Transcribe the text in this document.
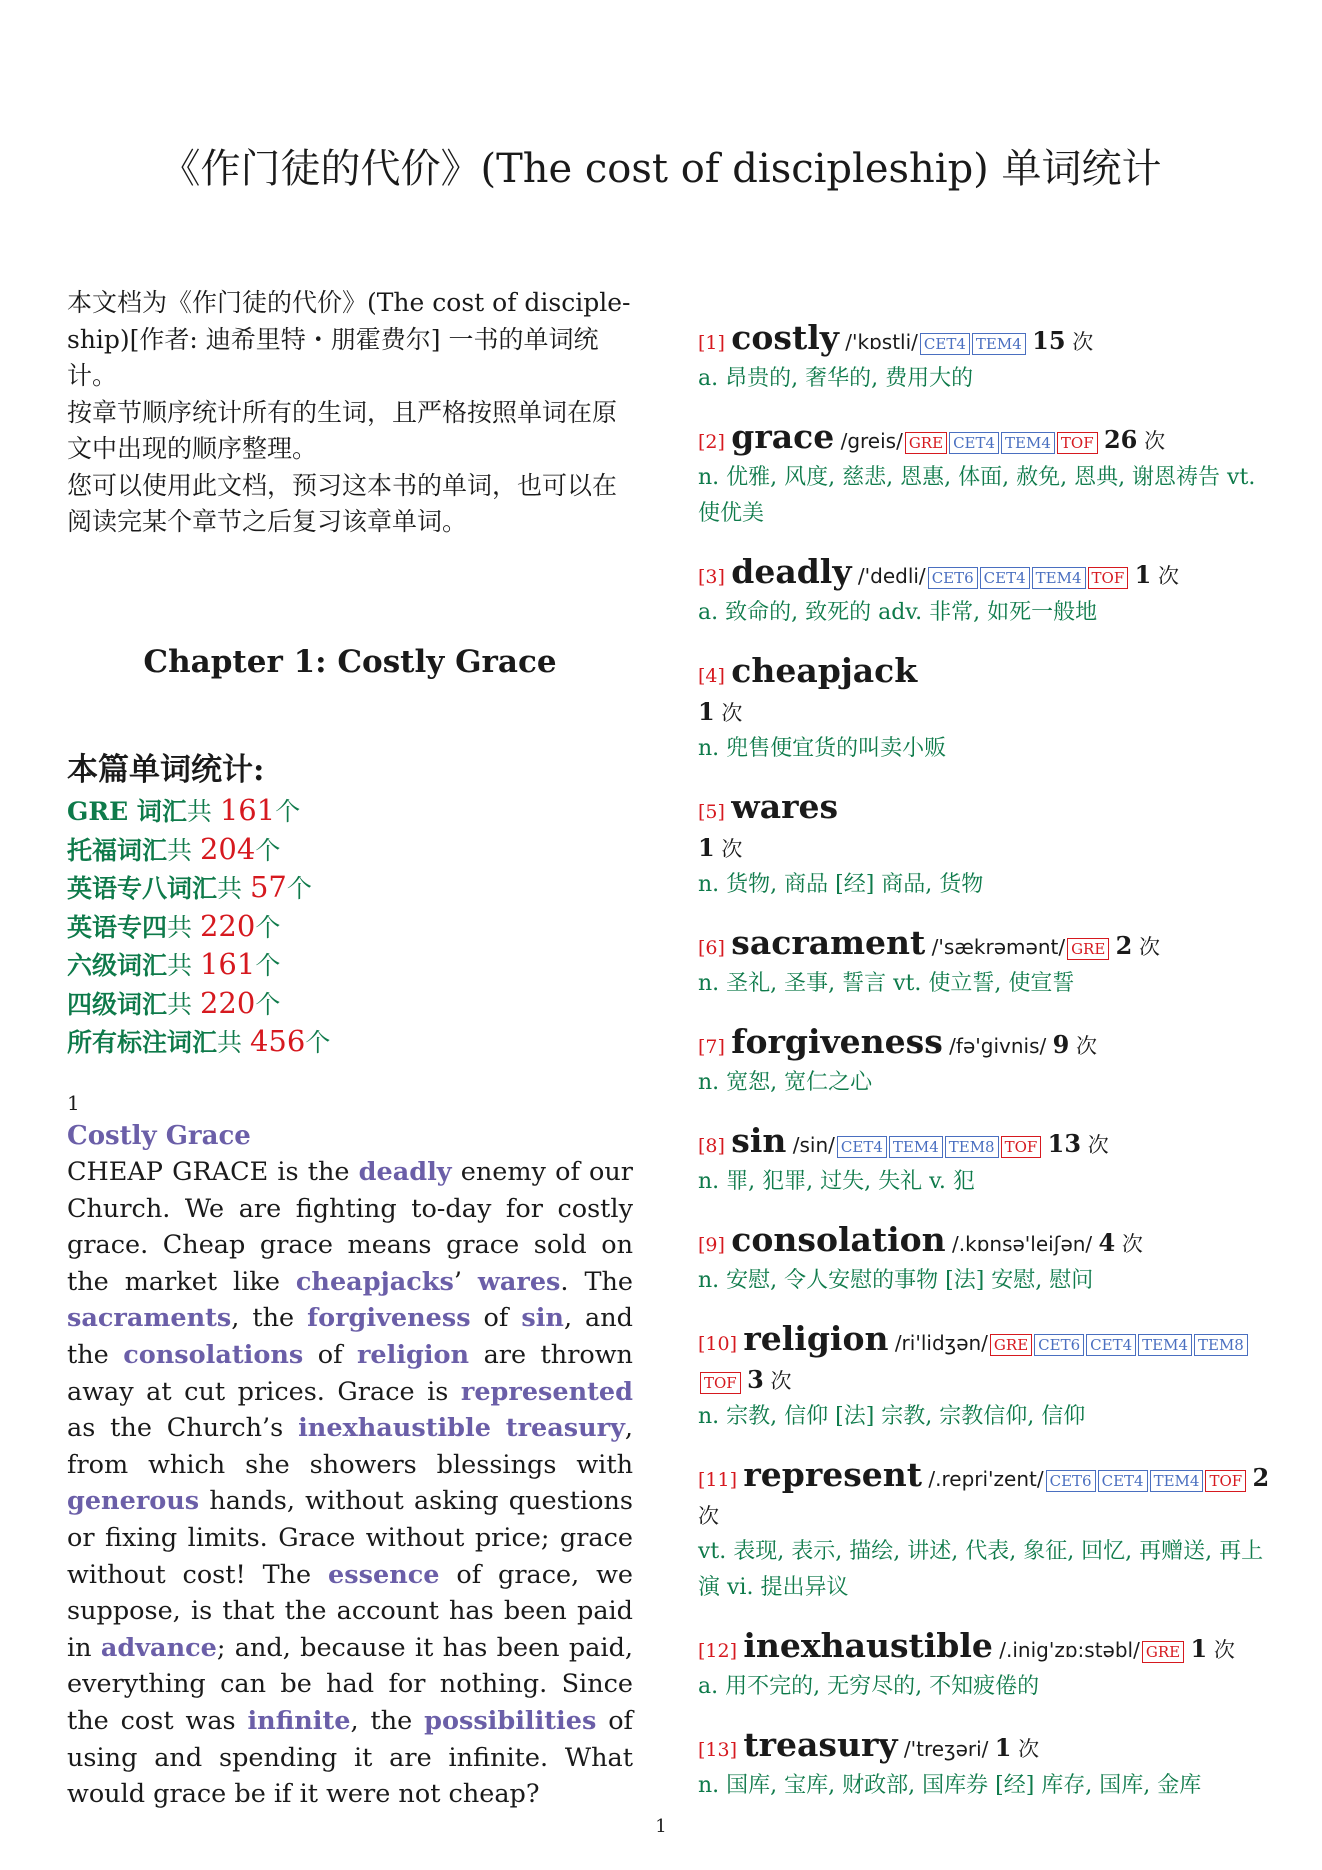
《作门徒的代价》(The cost of discipleship) 单词统计

本文档为《作门徒的代价》(The cost of disciple-ship)[作者: 迪希里特・朋霍费尔] 一书的单词统计。

按章节顺序统计所有的生词，且严格按照单词在原文中出现的顺序整理。

您可以使用此文档，预习这本书的单词，也可以在阅读完某个章节之后复习该章单词。

Chapter 1: Costly Grace
本篇单词统计:
GRE 词汇共 161个
托福词汇共 204个
英语专八词汇共 57个
英语专四共 220个
六级词汇共 161个
四级词汇共 220个
所有标注词汇共 456个
1
Costly Grace
CHEAP GRACE is the deadly enemy of our Church. We are fighting to-day for costly grace. Cheap grace means grace sold on the market like cheapjacks’ wares. The sacraments, the forgiveness of sin, and the consolations of religion are thrown away at cut prices. Grace is represented as the Church’s inexhaustible treasury, from which she showers blessings with generous hands, without asking questions or fixing limits. Grace without price; grace without cost! The essence of grace, we suppose, is that the account has been paid in advance; and, because it has been paid, everything can be had for nothing. Since the cost was infinite, the possibilities of using and spending it are infinite. What would grace be if it were not cheap?
[1] costly /'kɒstli/ CET4 TEM4 15 次
a. 昂贵的, 奢华的, 费用大的
[2] grace /greis/ GRE CET4 TEM4 TOF 26 次
n. 优雅, 风度, 慈悲, 恩惠, 体面, 赦免, 恩典, 谢恩祷告 vt. 使优美
[3] deadly /'dedli/ CET6 CET4 TEM4 TOF 1 次
a. 致命的, 致死的 adv. 非常, 如死一般地
[4] cheapjack
1 次
n. 兜售便宜货的叫卖小贩
[5] wares
1 次
n. 货物, 商品 [经] 商品, 货物
[6] sacrament /'sækrəmənt/ GRE 2 次
n. 圣礼, 圣事, 誓言 vt. 使立誓, 使宣誓
[7] forgiveness /fə'givnis/ 9 次
n. 宽恕, 宽仁之心
[8] sin /sin/ CET4 TEM4 TEM8 TOF 13 次
n. 罪, 犯罪, 过失, 失礼 v. 犯
[9] consolation /.kɒnsə'leiʃən/ 4 次
n. 安慰, 令人安慰的事物 [法] 安慰, 慰问
[10] religion /ri'lidʒən/ GRE CET6 CET4 TEM4 TEM8TOF 3 次
n. 宗教, 信仰 [法] 宗教, 宗教信仰, 信仰
[11] represent /.repri'zent/ CET6 CET4 TEM4 TOF 2 次
vt. 表现, 表示, 描绘, 讲述, 代表, 象征, 回忆, 再赠送, 再上演 vi. 提出异议
[12] inexhaustible /.inig'zɒ:stəbl/ GRE 1 次
a. 用不完的, 无穷尽的, 不知疲倦的
[13] treasury /'treʒəri/ 1 次
n. 国库, 宝库, 财政部, 国库券 [经] 库存, 国库, 金库
1
